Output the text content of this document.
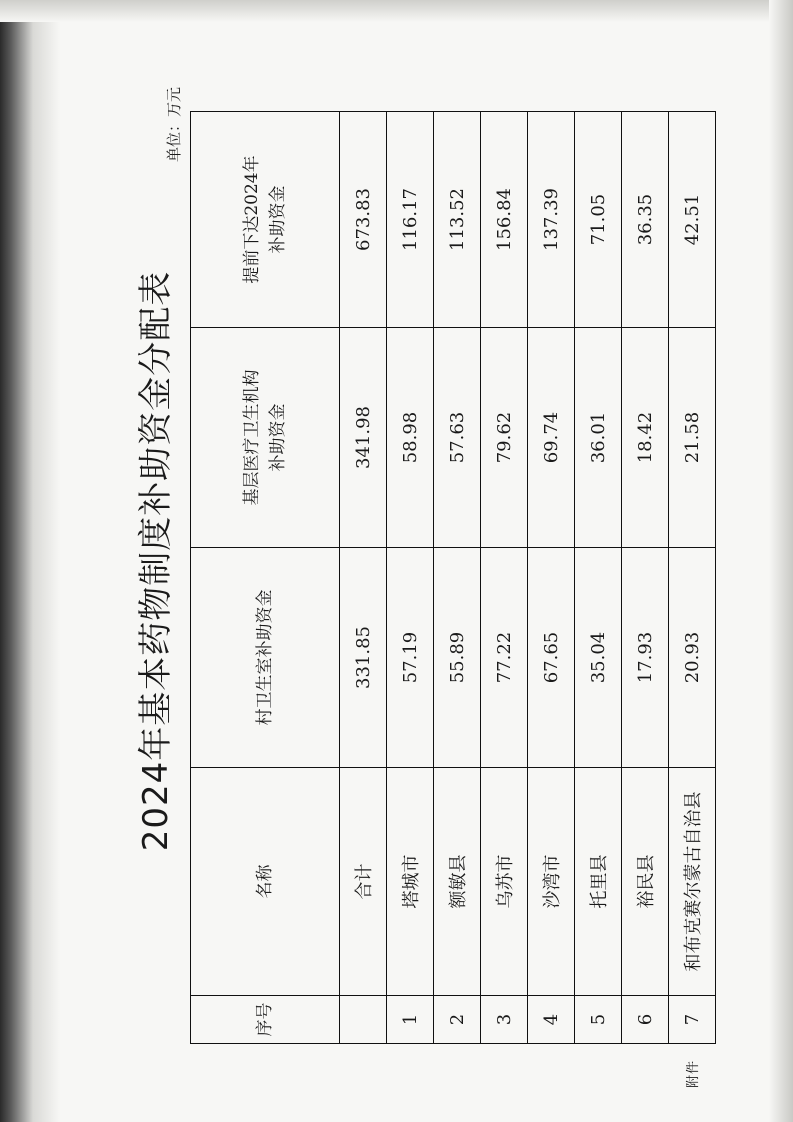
附件
2024年基本药物制度补助资金分配表
单位：万元
序号	名称	村卫生室补助资金	基层医疗卫生机构补助资金	提前下达2024年补助资金

	合计	331.85	341.98	673.83
1	塔城市	57.19	58.98	116.17
2	额敏县	55.89	57.63	113.52
3	乌苏市	77.22	79.62	156.84
4	沙湾市	67.65	69.74	137.39
5	托里县	35.04	36.01	71.05
6	裕民县	17.93	18.42	36.35
7	和布克赛尔蒙古自治县	20.93	21.58	42.51
